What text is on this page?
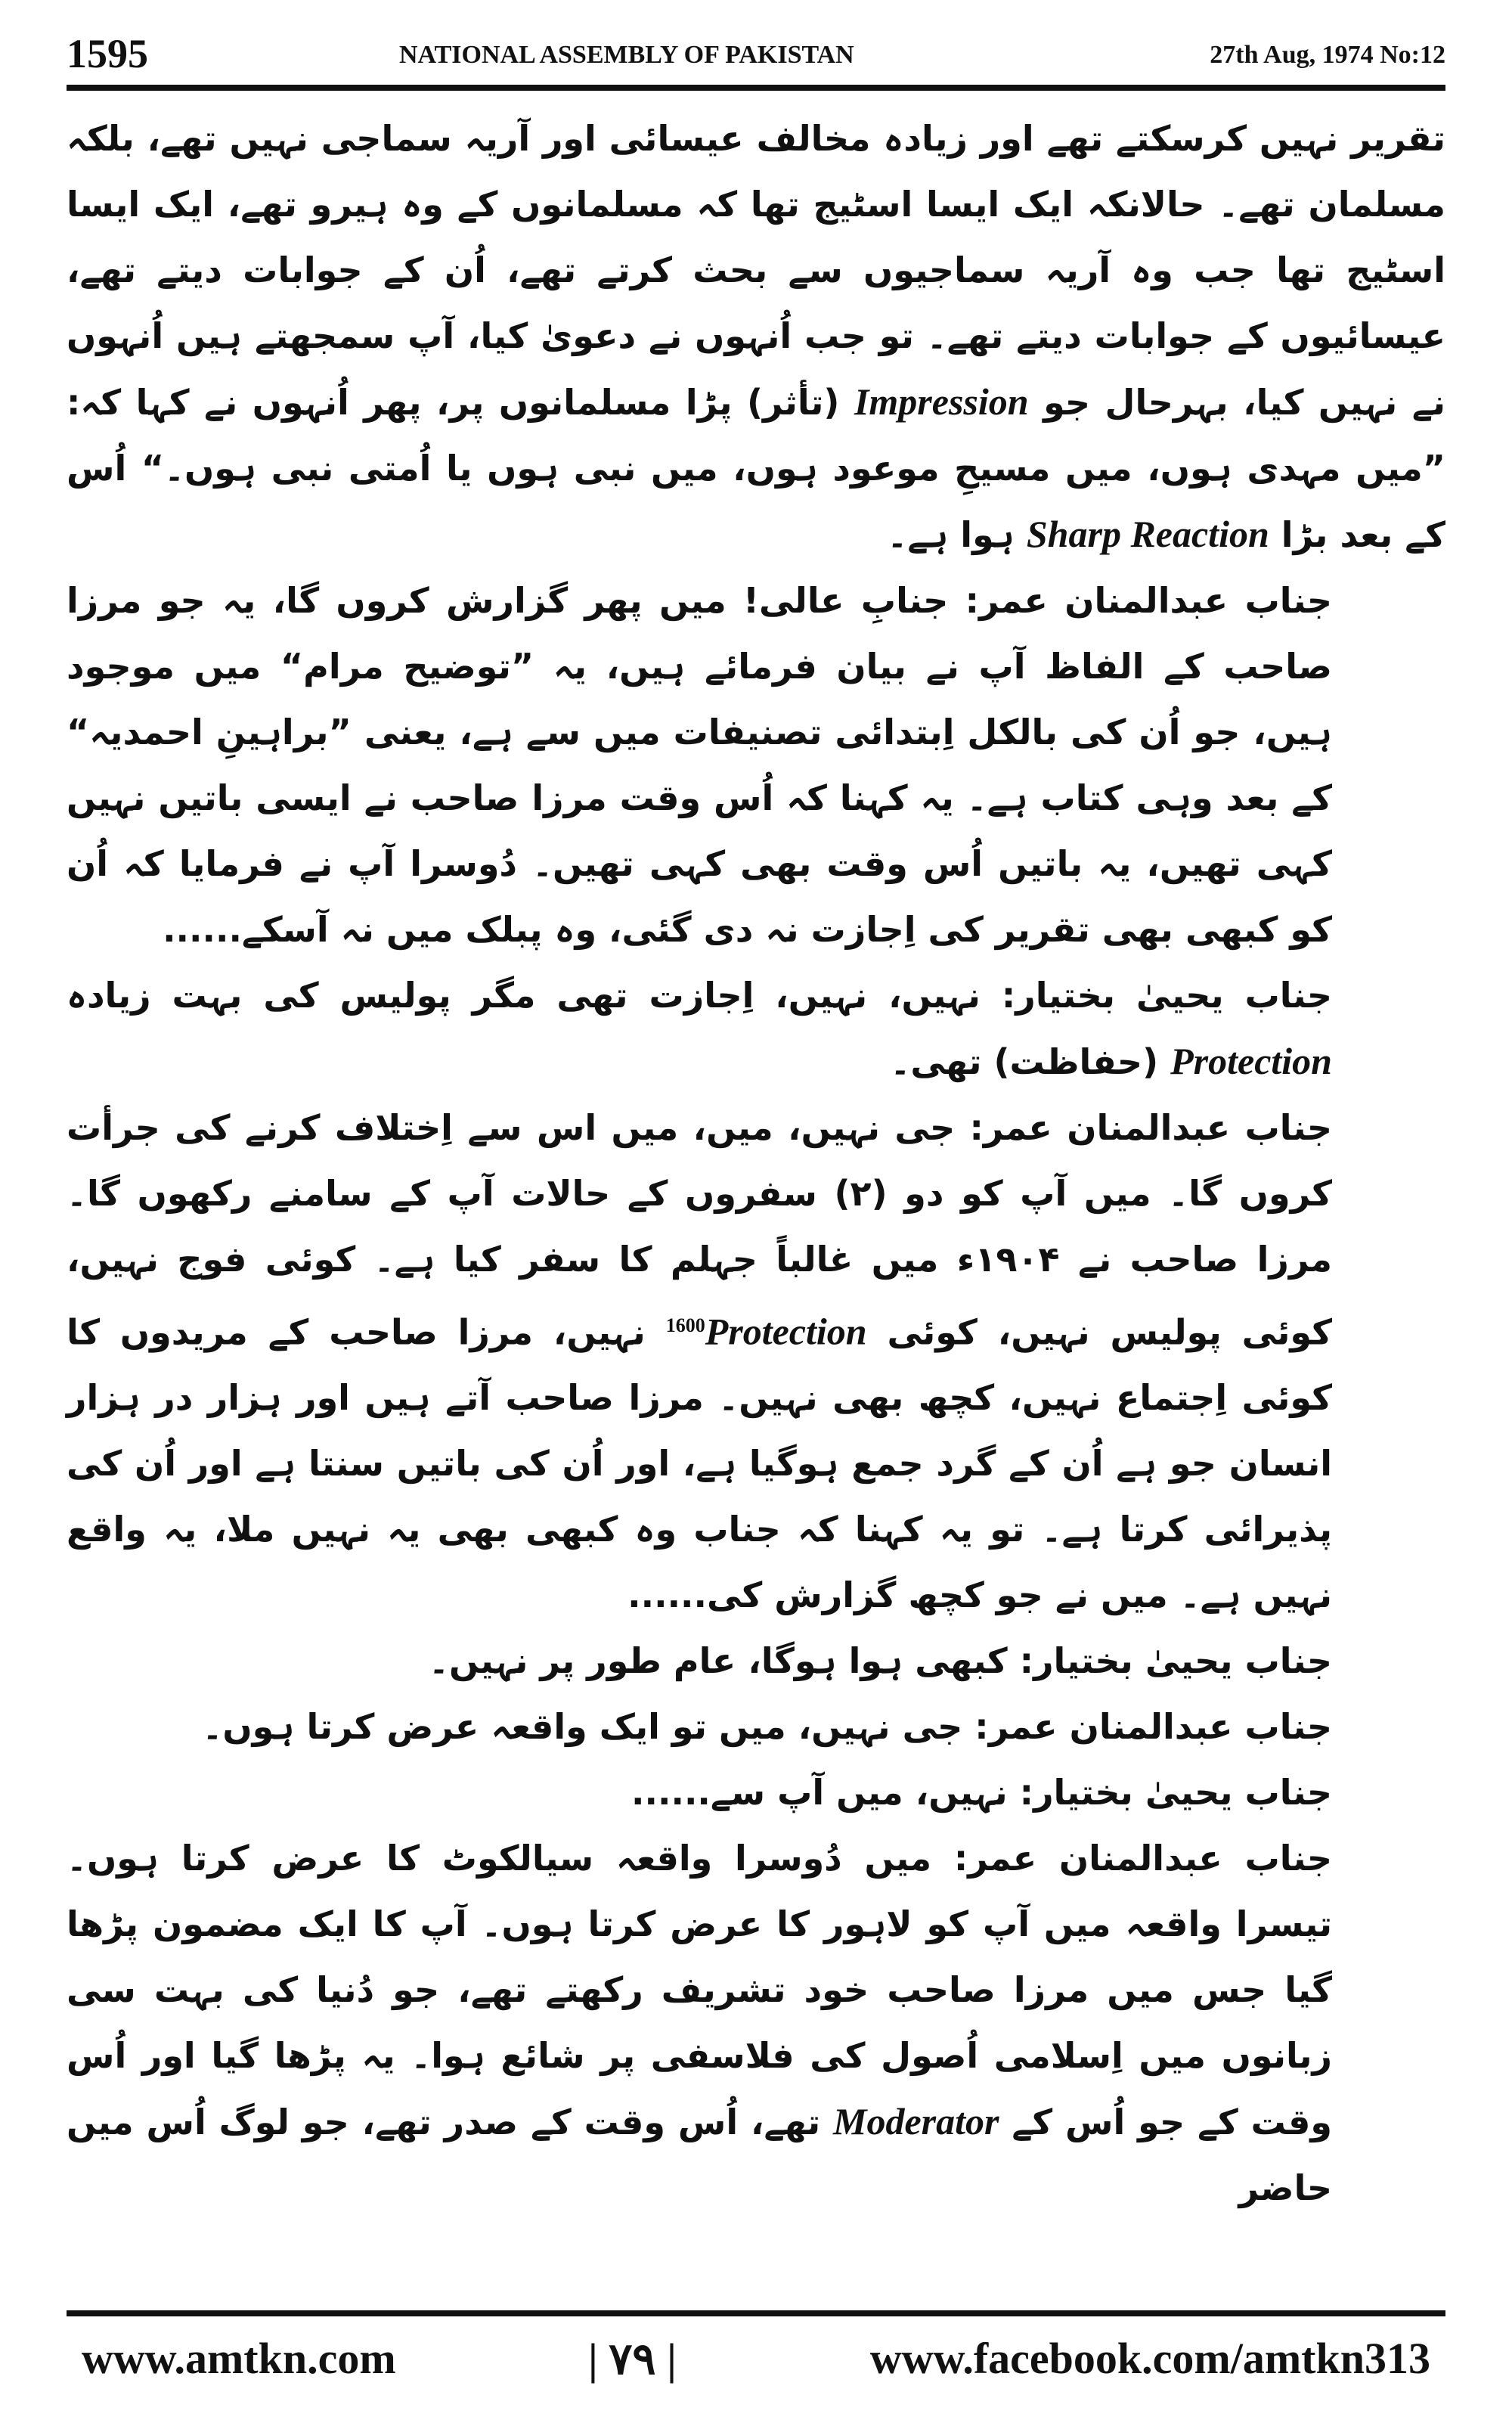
1595	NATIONAL ASSEMBLY OF PAKISTAN	27th Aug, 1974 No:12

تقریر نہیں کرسکتے تھے اور زیادہ مخالف عیسائی اور آریہ سماجی نہیں تھے، بلکہ مسلمان تھے۔ حالانکہ ایک ایسا اسٹیج تھا کہ مسلمانوں کے وہ ہیرو تھے، ایک ایسا اسٹیج تھا جب وہ آریہ سماجیوں سے بحث کرتے تھے، اُن کے جوابات دیتے تھے، عیسائیوں کے جوابات دیتے تھے۔ تو جب اُنہوں نے دعویٰ کیا، آپ سمجھتے ہیں اُنہوں نے نہیں کیا، بہرحال جو Impression (تأثر) پڑا مسلمانوں پر، پھر اُنہوں نے کہا کہ: ”میں مہدی ہوں، میں مسیحِ موعود ہوں، میں نبی ہوں یا اُمتی نبی ہوں۔“ اُس کے بعد بڑا Sharp Reaction ہوا ہے۔

جناب عبدالمنان عمر: جنابِ عالی! میں پھر گزارش کروں گا، یہ جو مرزا صاحب کے الفاظ آپ نے بیان فرمائے ہیں، یہ ”توضیح مرام“ میں موجود ہیں، جو اُن کی بالکل اِبتدائی تصنیفات میں سے ہے، یعنی ”براہینِ احمدیہ“ کے بعد وہی کتاب ہے۔ یہ کہنا کہ اُس وقت مرزا صاحب نے ایسی باتیں نہیں کہی تھیں، یہ باتیں اُس وقت بھی کہی تھیں۔ دُوسرا آپ نے فرمایا کہ اُن کو کبھی بھی تقریر کی اِجازت نہ دی گئی، وہ پبلک میں نہ آسکے......

جناب یحییٰ بختیار: نہیں، نہیں، اِجازت تھی مگر پولیس کی بہت زیادہ Protection (حفاظت) تھی۔

جناب عبدالمنان عمر: جی نہیں، میں، میں اس سے اِختلاف کرنے کی جرأت کروں گا۔ میں آپ کو دو (۲) سفروں کے حالات آپ کے سامنے رکھوں گا۔ مرزا صاحب نے ۱۹۰۴ء میں غالباً جہلم کا سفر کیا ہے۔ کوئی فوج نہیں، کوئی پولیس نہیں، کوئی Protection$^{1600}$ نہیں، مرزا صاحب کے مریدوں کا کوئی اِجتماع نہیں، کچھ بھی نہیں۔ مرزا صاحب آتے ہیں اور ہزار در ہزار انسان جو ہے اُن کے گرد جمع ہوگیا ہے، اور اُن کی باتیں سنتا ہے اور اُن کی پذیرائی کرتا ہے۔ تو یہ کہنا کہ جناب وہ کبھی بھی یہ نہیں ملا، یہ واقع نہیں ہے۔ میں نے جو کچھ گزارش کی......

جناب یحییٰ بختیار: کبھی ہوا ہوگا، عام طور پر نہیں۔

جناب عبدالمنان عمر: جی نہیں، میں تو ایک واقعہ عرض کرتا ہوں۔

جناب یحییٰ بختیار: نہیں، میں آپ سے......

جناب عبدالمنان عمر: میں دُوسرا واقعہ سیالکوٹ کا عرض کرتا ہوں۔ تیسرا واقعہ میں آپ کو لاہور کا عرض کرتا ہوں۔ آپ کا ایک مضمون پڑھا گیا جس میں مرزا صاحب خود تشریف رکھتے تھے، جو دُنیا کی بہت سی زبانوں میں اِسلامی اُصول کی فلاسفی پر شائع ہوا۔ یہ پڑھا گیا اور اُس وقت کے جو اُس کے Moderator تھے، اُس وقت کے صدر تھے، جو لوگ اُس میں حاضر

www.amtkn.com	| ٧٩ |	www.facebook.com/amtkn313
